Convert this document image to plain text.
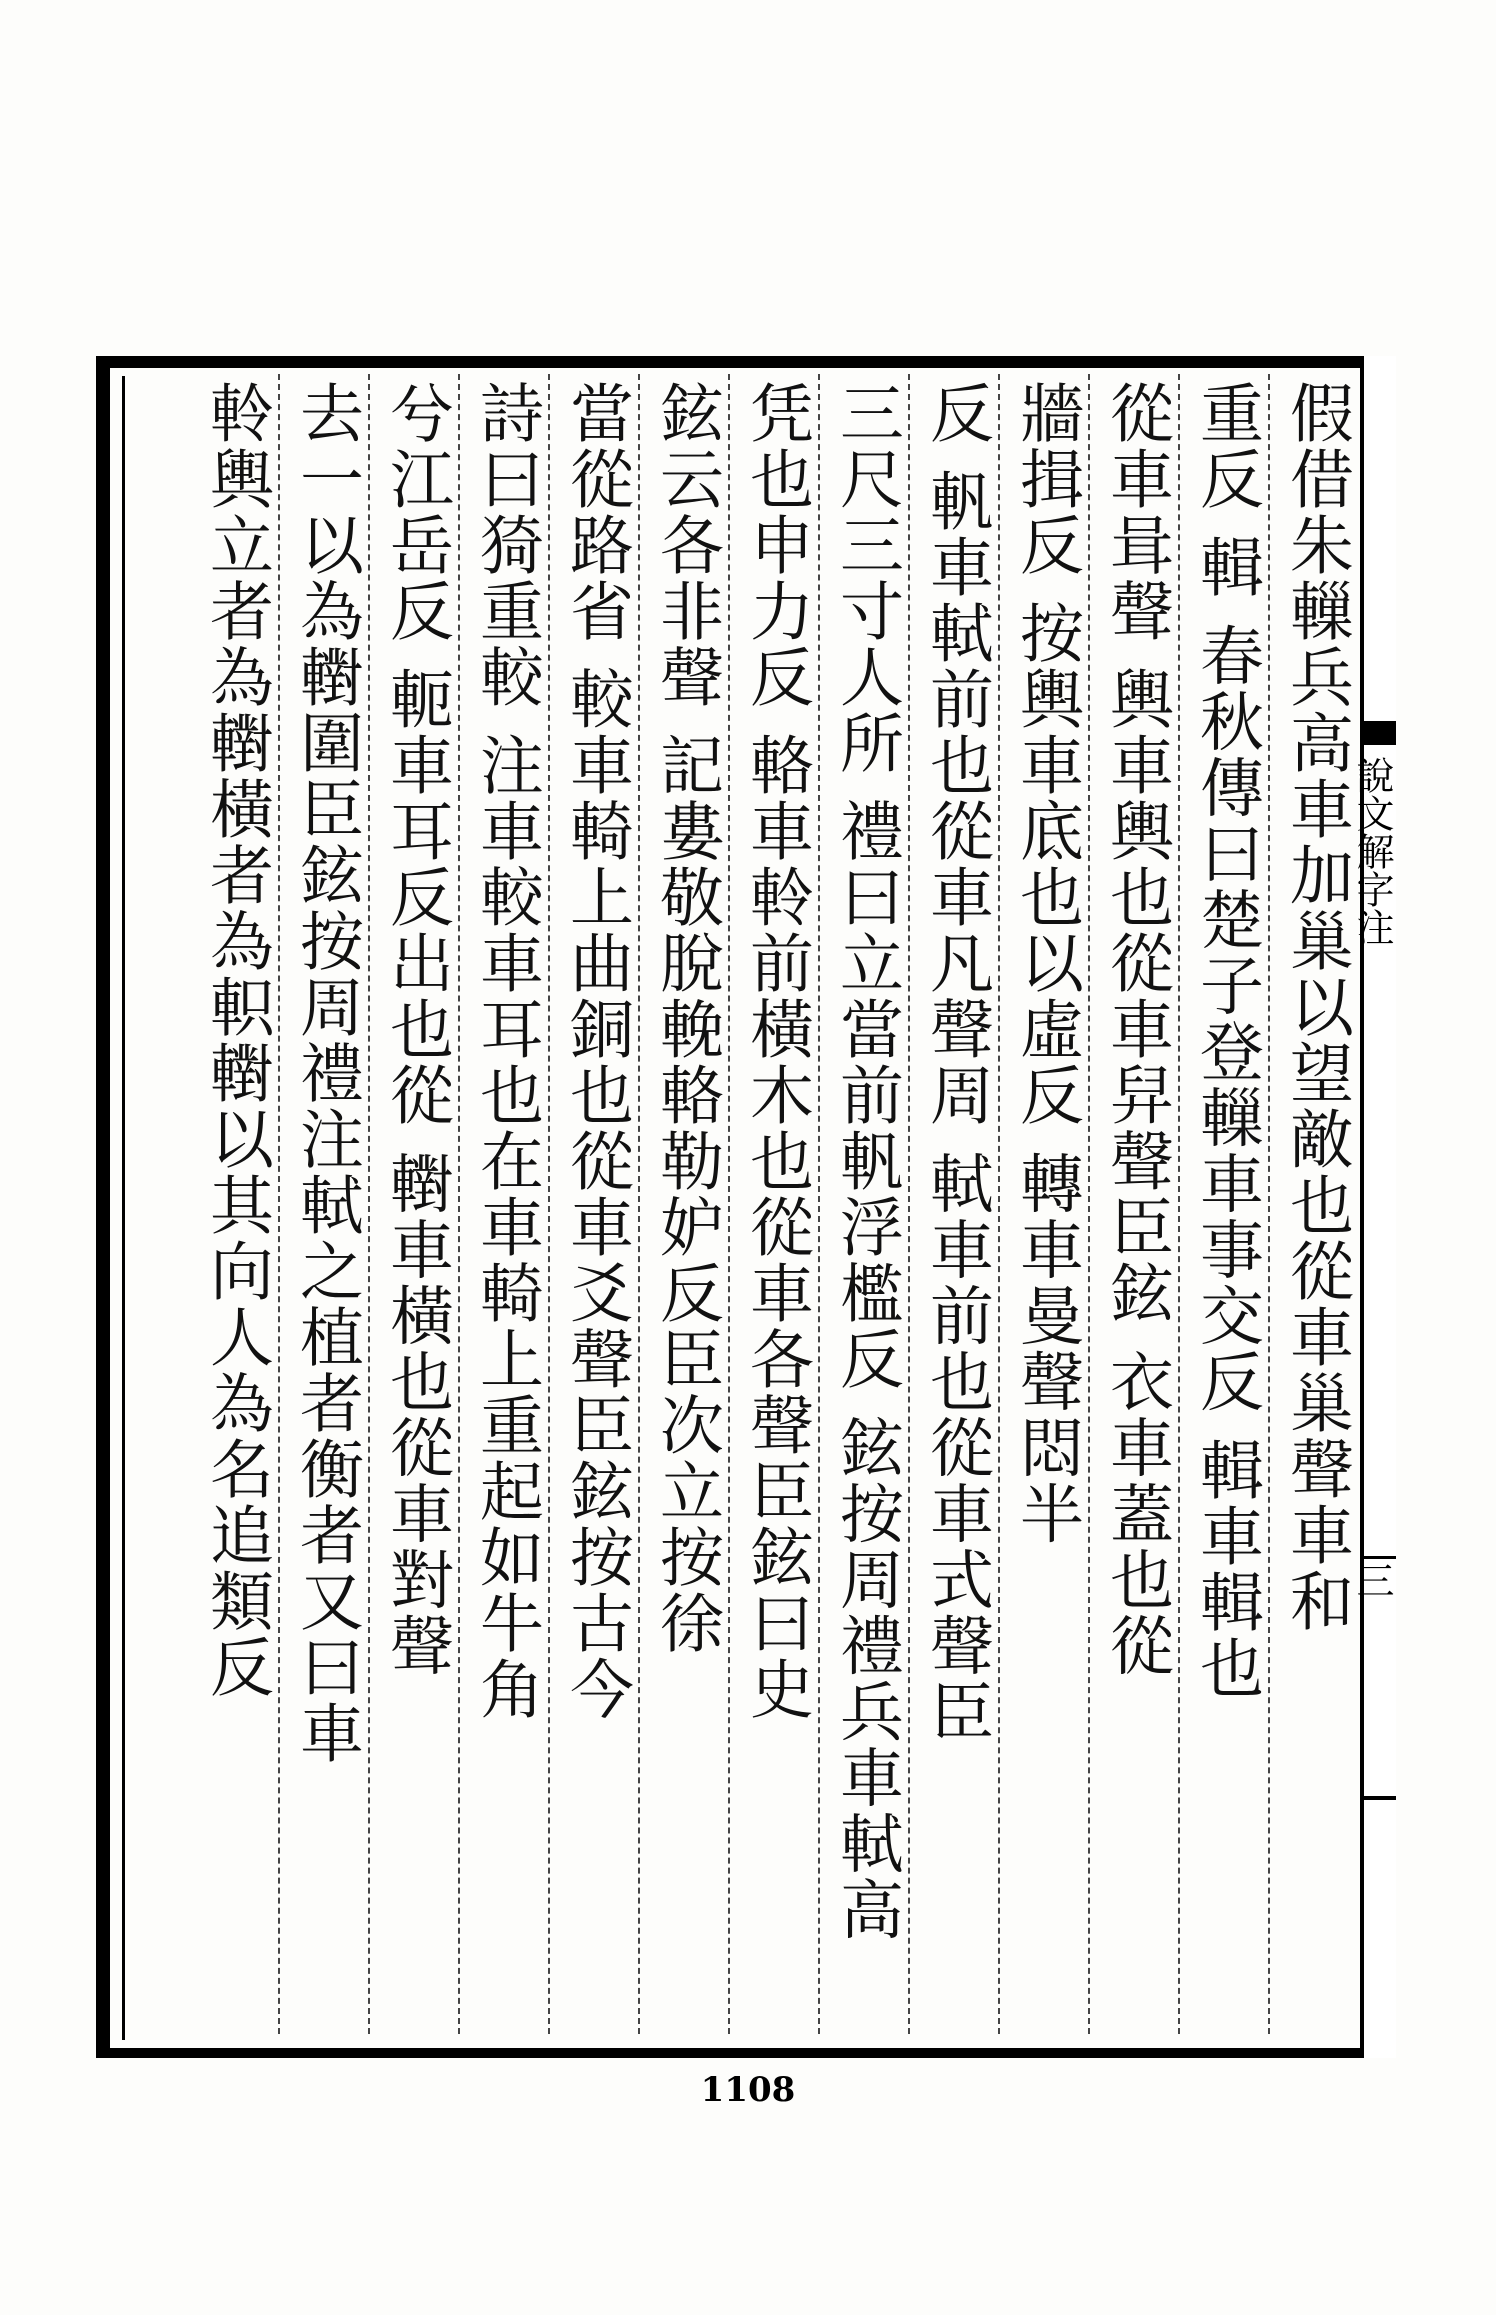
說文解字注
三
假借朱轈兵高車加巢以望敵也從車巢聲車和
重反 輯 春秋傳曰楚子登轈車事交反 輯車輯也
從車咠聲 輿車輿也從車舁聲臣鉉 衣車蓋也從
牆揖反 按輿車底也以虛反 轉車曼聲悶半
反 軓車軾前也從車凡聲周 軾車前也從車式聲臣
三尺三寸人所 禮曰立當前軓浮檻反 鉉按周禮兵車軾高
凭也申力反 輅車軨前橫木也從車各聲臣鉉曰史
鉉云各非聲 記婁敬脫輓輅勒妒反臣次立按徐
當從路省 較車輢上曲銅也從車爻聲臣鉉按古今
詩曰猗重較 注車較車耳也在車輢上重起如牛角
兮江岳反 軛車耳反出也從 轛車橫也從車對聲
去一以為轛圍臣鉉按周禮注軾之植者衡者又曰車
軨輿立者為轛橫者為軹轛以其向人為名追類反
1108
